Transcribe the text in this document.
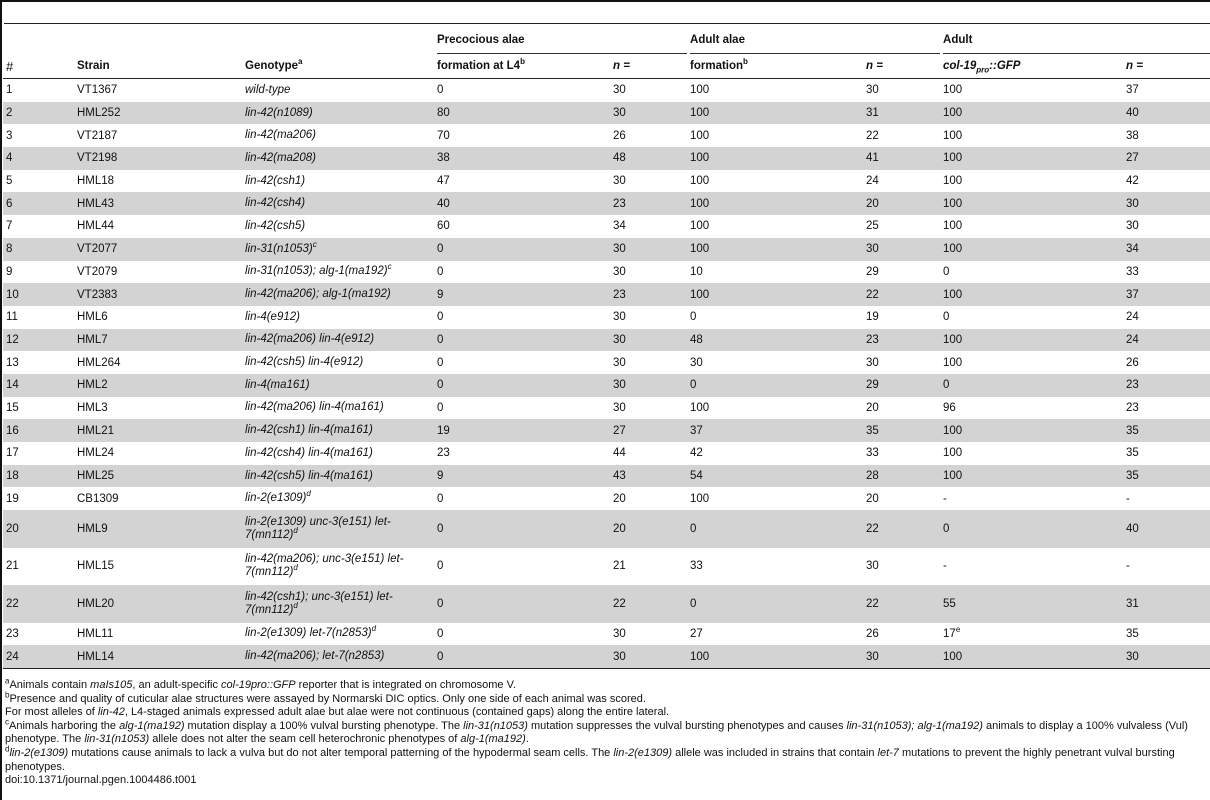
			Precocious alae		Adult alae		Adult	
#	Strain	Genotype$^a$	formation at L4$^b$	n =	formation$^b$	n =	col-$19_{pro}::GFP$	n =
1	VT1367	wild-type	0	30	100	30	100	37
2	HML252	lin-42(n1089)	80	30	100	31	100	40
3	VT2187	lin-42(ma206)	70	26	100	22	100	38
4	VT2198	lin-42(ma208)	38	48	100	41	100	27
5	HML18	lin-42(csh1)	47	30	100	24	100	42
6	HML43	lin-42(csh4)	40	23	100	20	100	30
7	HML44	lin-42(csh5)	60	34	100	25	100	30
8	VT2077	lin-$31(n1053)^c$	0	30	100	30	100	34
9	VT2079	lin-31(n1053); alg-$1(ma192)^c$	0	30	10	29	0	33
10	VT2383	lin-42(ma206); alg-1(ma192)	9	23	100	22	100	37
11	HML6	lin-4(e912)	0	30	0	19	0	24
12	HML7	lin-42(ma206) lin-4(e912)	0	30	48	23	100	24
13	HML264	lin-42(csh5) lin-4(e912)	0	30	30	30	100	26
14	HML2	lin-4(ma161)	0	30	0	29	0	23
15	HML3	lin-42(ma206) lin-4(ma161)	0	30	100	20	96	23
16	HML21	lin-42(csh1) lin-4(ma161)	19	27	37	35	100	35
17	HML24	lin-42(csh4) lin-4(ma161)	23	44	42	33	100	35
18	HML25	lin-42(csh5) lin-4(ma161)	9	43	54	28	100	35
19	CB1309	lin-$2(e1309)^d$	0	20	100	20	-	-
20	HML9	lin-2(e1309) unc-3(e151) let-$7(mn112)^d$	0	20	0	22	0	40
21	HML15	lin-42(ma206); unc-3(e151) let-$7(mn112)^d$	0	21	33	30	-	-
22	HML20	lin-42(csh1); unc-3(e151) let-$7(mn112)^d$	0	22	0	22	55	31
23	HML11	lin-2(e1309) let-$7(n2853)^d$	0	30	27	26	17e	35
24	HML14	lin-42(ma206); let-7(n2853)	0	30	100	30	100	30

$^a$Animals contain maIs105, an adult-specific col-19pro::GFP reporter that is integrated on chromosome V.

$^b$Presence and quality of cuticular alae structures were assayed by Normarski DIC optics. Only one side of each animal was scored.

For most alleles of lin-42, L4-staged animals expressed adult alae but alae were not continuous (contained gaps) along the entire lateral.

$^c$Animals harboring the alg-1(ma192) mutation display a 100% vulval bursting phenotype. The lin-31(n1053) mutation suppresses the vulval bursting phenotypes and causes lin-31(n1053); alg-1(ma192) animals to display a 100% vulvaless (Vul) phenotype. The lin-31(n1053) allele does not alter the seam cell heterochronic phenotypes of alg-1(ma192).

$^d$lin-2(e1309) mutations cause animals to lack a vulva but do not alter temporal patterning of the hypodermal seam cells. The lin-2(e1309) allele was included in strains that contain let-7 mutations to prevent the highly penetrant vulval bursting phenotypes.

doi:10.1371/journal.pgen.1004486.t001
